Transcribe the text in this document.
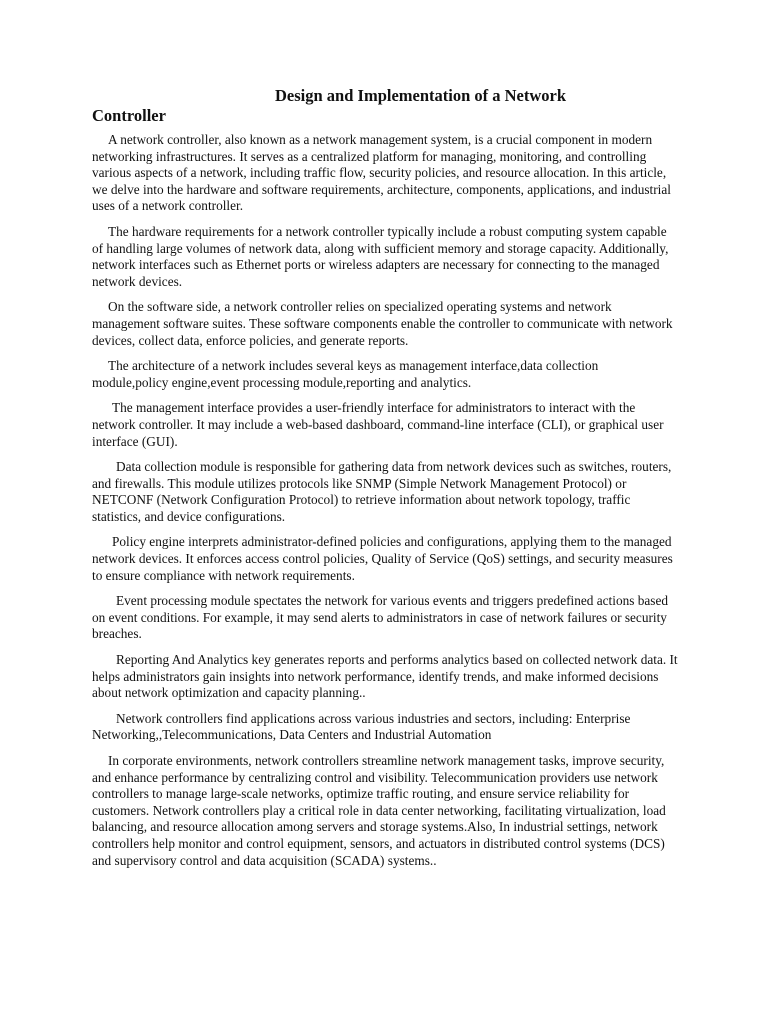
Design and Implementation of a Network
Controller

A network controller, also known as a network management system, is a crucial component in modern networking infrastructures. It serves as a centralized platform for managing, monitoring, and controlling various aspects of a network, including traffic flow, security policies, and resource allocation. In this article, we delve into the hardware and software requirements, architecture, components, applications, and industrial uses of a network controller.

The hardware requirements for a network controller typically include a robust computing system capable of handling large volumes of network data, along with sufficient memory and storage capacity. Additionally, network interfaces such as Ethernet ports or wireless adapters are necessary for connecting to the managed network devices.

On the software side, a network controller relies on specialized operating systems and network management software suites. These software components enable the controller to communicate with network devices, collect data, enforce policies, and generate reports.

The architecture of a network includes several keys as management interface,data collection module,policy engine,event processing module,reporting and analytics.

The management interface provides a user-friendly interface for administrators to interact with the network controller. It may include a web-based dashboard, command-line interface (CLI), or graphical user interface (GUI).

Data collection module is responsible for gathering data from network devices such as switches, routers, and firewalls. This module utilizes protocols like SNMP (Simple Network Management Protocol) or NETCONF (Network Configuration Protocol) to retrieve information about network topology, traffic statistics, and device configurations.

Policy engine interprets administrator-defined policies and configurations, applying them to the managed network devices. It enforces access control policies, Quality of Service (QoS) settings, and security measures to ensure compliance with network requirements.

Event processing module spectates the network for various events and triggers predefined actions based on event conditions. For example, it may send alerts to administrators in case of network failures or security breaches.

Reporting And Analytics key generates reports and performs analytics based on collected network data. It helps administrators gain insights into network performance, identify trends, and make informed decisions about network optimization and capacity planning..

Network controllers find applications across various industries and sectors, including: Enterprise Networking,,Telecommunications, Data Centers and Industrial Automation

In corporate environments, network controllers streamline network management tasks, improve security, and enhance performance by centralizing control and visibility. Telecommunication providers use network controllers to manage large-scale networks, optimize traffic routing, and ensure service reliability for customers. Network controllers play a critical role in data center networking, facilitating virtualization, load balancing, and resource allocation among servers and storage systems.Also, In industrial settings, network controllers help monitor and control equipment, sensors, and actuators in distributed control systems (DCS) and supervisory control and data acquisition (SCADA) systems..
